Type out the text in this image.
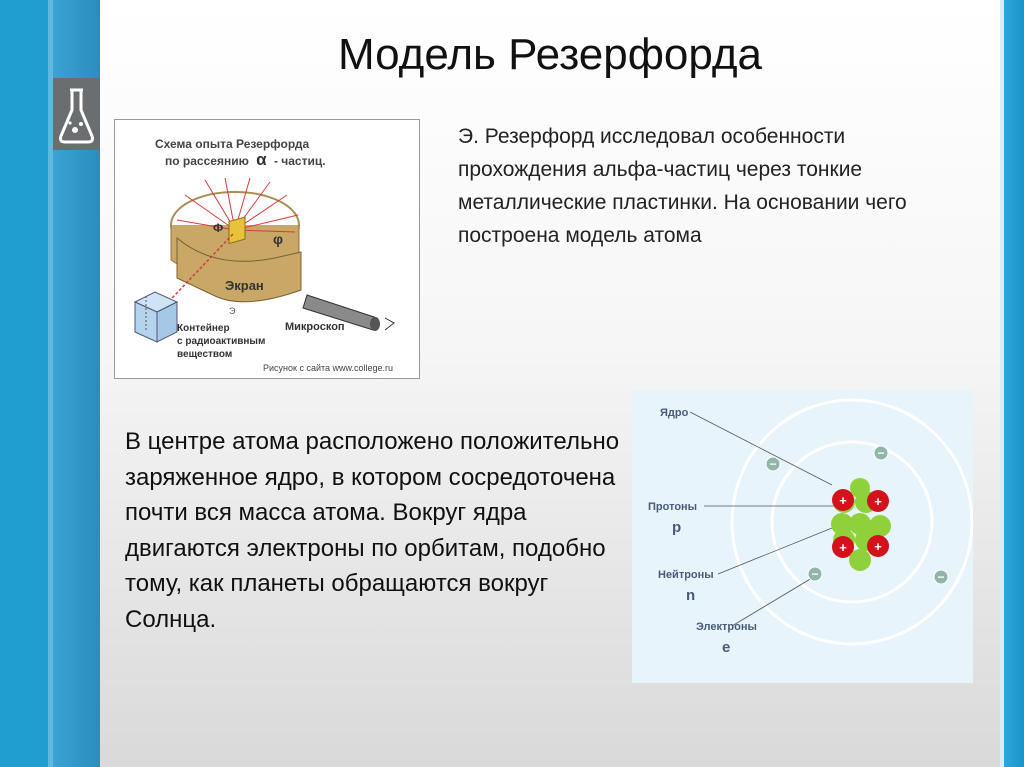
Модель Резерфорда
Схема опыта Резерфорда
по рассеянию α - частиц.
Ф
φ
Экран
Э
Микроскоп
Контейнер
с радиоактивным
веществом
Рисунок с сайта www.college.ru
Э. Резерфорд исследовал особенности прохождения альфа-частиц через тонкие металлические пластинки. На основании чего построена модель атома
В центре атома расположено положительно заряженное ядро, в котором сосредоточена почти вся масса атома. Вокруг ядра двигаются электроны по орбитам, подобно тому, как планеты обращаются вокруг Солнца.
+ +
+ +
−
−
−	−
Ядро
Протоны
Нейтроны
Электроны
p
n
e
